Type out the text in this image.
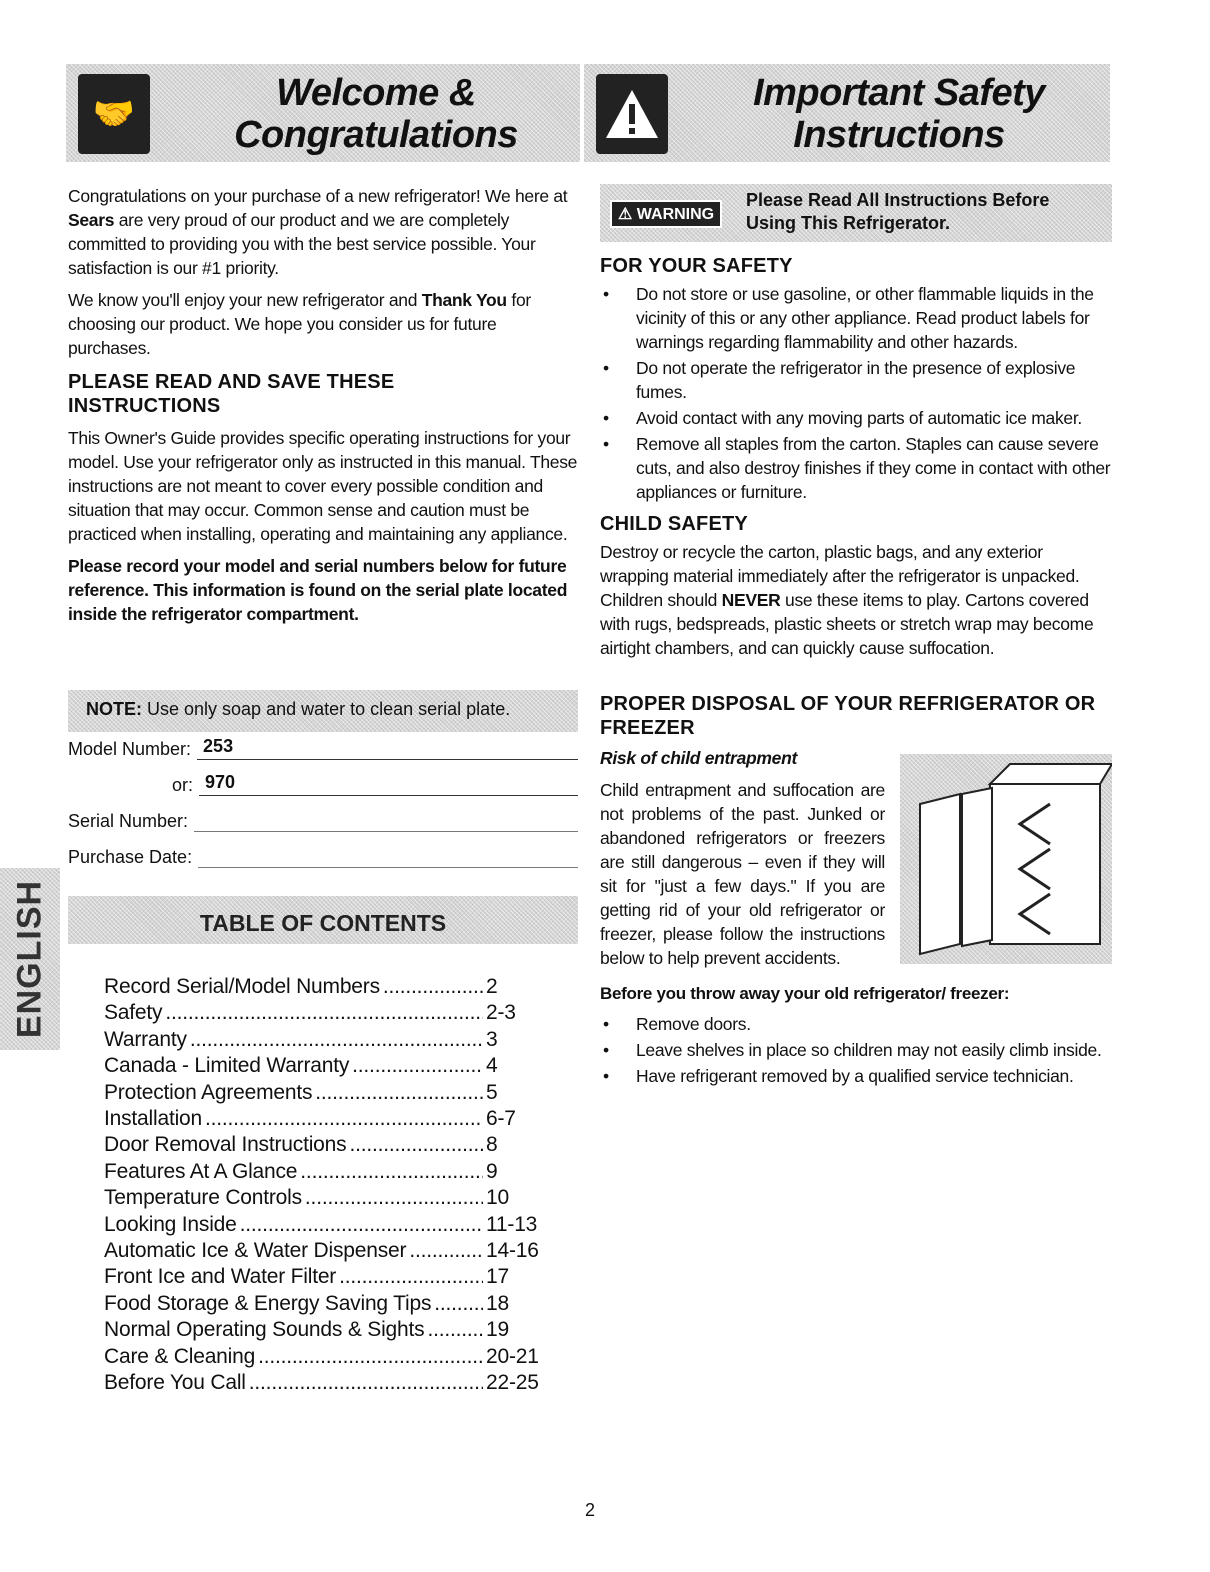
🤝	Welcome &
Congratulations
Important Safety
Instructions

Congratulations on your purchase of a new refrigerator! We here at Sears are very proud of our product and we are completely committed to providing you with the best service possible. Your satisfaction is our #1 priority.

We know you'll enjoy your new refrigerator and Thank You for choosing our product. We hope you consider us for future purchases.

PLEASE READ AND SAVE THESE INSTRUCTIONS

This Owner's Guide provides specific operating instructions for your model. Use your refrigerator only as instructed in this manual. These instructions are not meant to cover every possible condition and situation that may occur. Common sense and caution must be practiced when installing, operating and maintaining any appliance.

Please record your model and serial numbers below for future reference. This information is found on the serial plate located inside the refrigerator compartment.

NOTE: Use only soap and water to clean serial plate.
Model Number: 253
or: 970
Serial Number:
Purchase Date:
ENGLISH	TABLE OF CONTENTS
Record Serial/Model Numbers .....	2
Safety .....	2-3
Warranty .....	3
Canada - Limited Warranty .....	4
Protection Agreements .....	5
Installation .....	6-7
Door Removal Instructions .....	8
Features At A Glance .....	9
Temperature Controls .....	10
Looking Inside .....	11-13
Automatic Ice & Water Dispenser .....	14-16
Front Ice and Water Filter .....	17
Food Storage & Energy Saving Tips .....	18
Normal Operating Sounds & Sights .....	19
Care & Cleaning .....	20-21
Before You Call .....	22-25
⚠ WARNING
Please Read All Instructions Before
Using This Refrigerator.
FOR YOUR SAFETY
• Do not store or use gasoline, or other flammable liquids in the vicinity of this or any other appliance. Read product labels for warnings regarding flammability and other hazards.
• Do not operate the refrigerator in the presence of explosive fumes.
• Avoid contact with any moving parts of automatic ice maker.
• Remove all staples from the carton. Staples can cause severe cuts, and also destroy finishes if they come in contact with other appliances or furniture.
CHILD SAFETY

Destroy or recycle the carton, plastic bags, and any exterior wrapping material immediately after the refrigerator is unpacked. Children should NEVER use these items to play. Cartons covered with rugs, bedspreads, plastic sheets or stretch wrap may become airtight chambers, and can quickly cause suffocation.

PROPER DISPOSAL OF YOUR REFRIGERATOR OR FREEZER

Risk of child entrapment

Child entrapment and suffocation are not problems of the past. Junked or abandoned refrigerators or freezers are still dangerous – even if they will sit for "just a few days." If you are getting rid of your old refrigerator or freezer, please follow the instructions below to help prevent accidents.

Before you throw away your old refrigerator/ freezer:

• Remove doors.
• Leave shelves in place so children may not easily climb inside.
• Have refrigerant removed by a qualified service technician.
2
